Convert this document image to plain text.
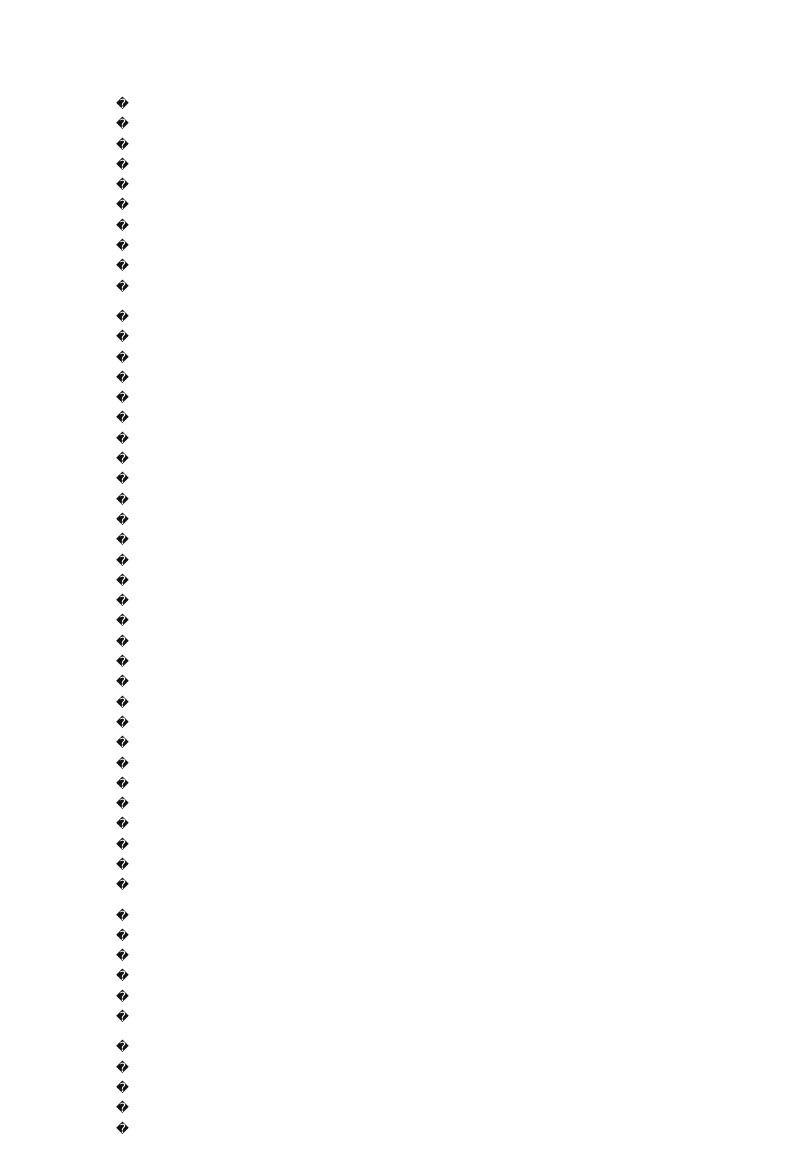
�
�
�
�
�
�
�
�
�
�
�
�
�
�
�
�
�
�
�
�
�
�
�
�
�
�
�
�
�
�
�
�
�
�
�
�
�
�
�
�
�
�
�
�
�
�
�
�
�
�
